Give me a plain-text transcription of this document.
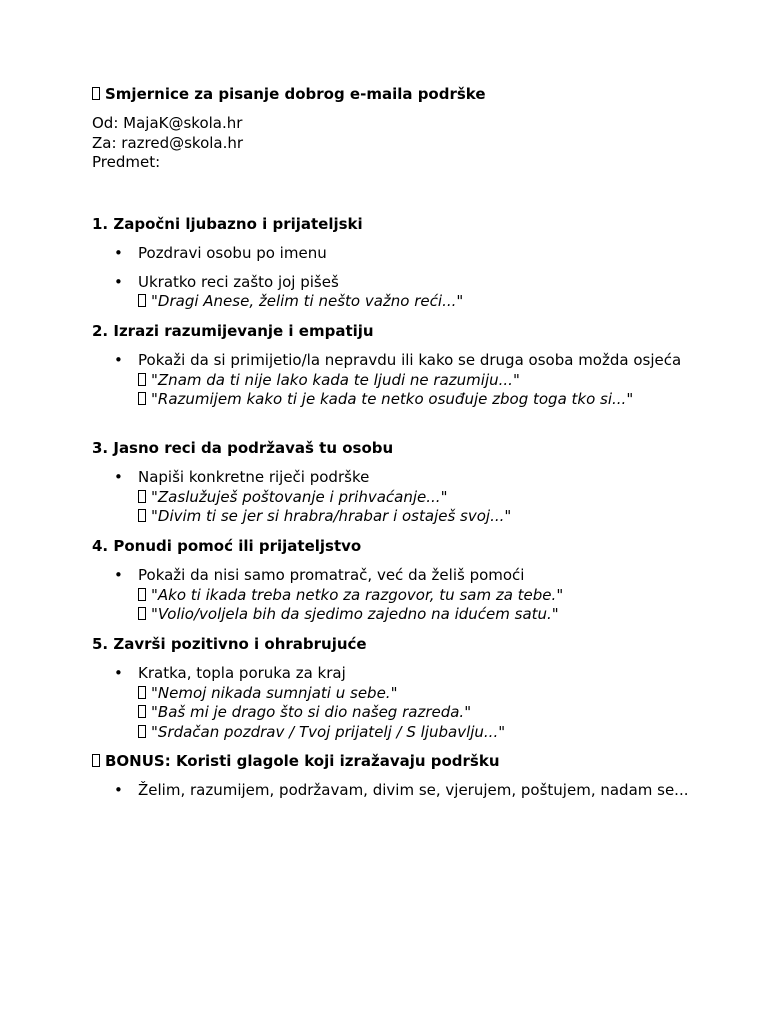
Smjernice za pisanje dobrog e-maila podrške
Od: MajaK@skola.hr
Za: razred@skola.hr
Predmet:
1. Započni ljubazno i prijateljski
• Pozdravi osobu po imenu
• Ukratko reci zašto joj pišeš
"Dragi Anese, želim ti nešto važno reći..."
2. Izrazi razumijevanje i empatiju
• Pokaži da si primijetio/la nepravdu ili kako se druga osoba možda osjeća
"Znam da ti nije lako kada te ljudi ne razumiju..."
"Razumijem kako ti je kada te netko osuđuje zbog toga tko si..."
3. Jasno reci da podržavaš tu osobu
• Napiši konkretne riječi podrške
"Zaslužuješ poštovanje i prihvaćanje..."
"Divim ti se jer si hrabra/hrabar i ostaješ svoj..."
4. Ponudi pomoć ili prijateljstvo
• Pokaži da nisi samo promatrač, već da želiš pomoći
"Ako ti ikada treba netko za razgovor, tu sam za tebe."
"Volio/voljela bih da sjedimo zajedno na idućem satu."
5. Završi pozitivno i ohrabrujuće
• Kratka, topla poruka za kraj
"Nemoj nikada sumnjati u sebe."
"Baš mi je drago što si dio našeg razreda."
"Srdačan pozdrav / Tvoj prijatelj / S ljubavlju..."
BONUS: Koristi glagole koji izražavaju podršku
• Želim, razumijem, podržavam, divim se, vjerujem, poštujem, nadam se...
